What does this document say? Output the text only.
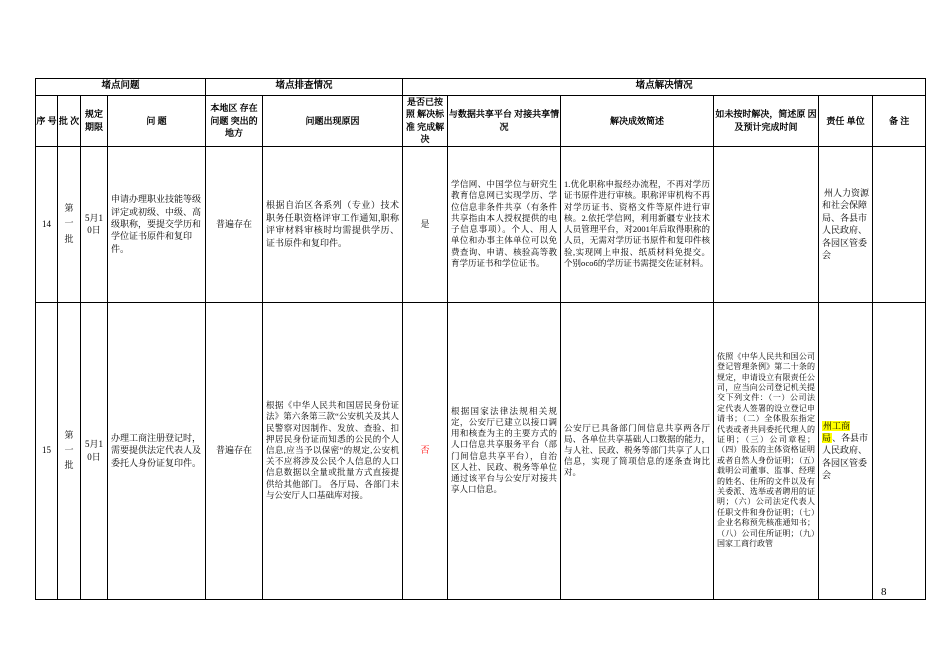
堵点问题				堵点排查情况		堵点解决情况					
序 号	批 次	规定 期限	问 题	本地区 存在问题 突出的地方	问题出现原因	是否已按照 解决标准 完成解决	与数据共享平台 对接共享情况	解决成效简述	如未按时解决，简述原 因及预计完成时间	责任 单位	备 注
14	第一批	5月10日	申请办理职业技能等级评定或初级、中级、高级职称，要提交学历和学位证书原件和复印件。	普遍存在	根据自治区各系列（专业）技术职务任职资格评审工作通知,职称评审材料审核时均需提供学历、证书原件和复印件。	是	学信网、中国学位与研究生教育信息网已实现学历、学位信息非条件共享（有条件共享指由本人授权提供的电子信息事项）。个人、用人单位和办事主体单位可以免费查询、申请、核验高等教育学历证书和学位证书。	1.优化职称申报经办流程，不再对学历证书原件进行审核。职称评审机构不再对学历证书、资格文件等原件进行审核。2.依托学信网，利用新疆专业技术人员管理平台，对2001年后取得职称的人员，无需对学历证书原件和复印件核验,实现网上申报、纸质材料免提交。个别особ的学历证书需提交佐证材料。		州人力资源和社会保障局、各县市人民政府、各园区管委会	

15	第一批	5月10日	办理工商注册登记时，需要提供法定代表人及委托人身份证复印件。	普遍存在	根据《中华人民共和国居民身份证法》第六条第三款“公安机关及其人民警察对因制作、发放、查验、扣押居民身份证而知悉的公民的个人信息,应当予以保密”的规定,公安机关不应将涉及公民个人信息的人口信息数据以全量或批量方式直接提供给其他部门。 各厅局、各部门未与公安厅人口基础库对接。	否	根据国家法律法规相关规定，公安厅已建立以接口调用和核查为主的主要方式的人口信息共享服务平台（部门间信息共享平台），自治区人社、民政、税务等单位通过该平台与公安厅对接共享人口信息。	公安厅已具备部门间信息共享两各厅局、各单位共享基础人口数据的能力，与人社、民政、税务等部门共享了人口信息，实现了简项信息的逐条查询比对。	依照《中华人民共和国公司登记管理条例》第二十条的规定，申请设立有限责任公司，应当向公司登记机关提交下列文件：（一）公司法定代表人签署的设立登记申请书；（二）全体股东指定代表或者共同委托代理人的证明；（三）公司章程；（四）股东的主体资格证明或者自然人身份证明；（五）载明公司董事、监事、经理的姓名、住所的文件以及有关委派、选举或者聘用的证明；（六）公司法定代表人任职文件和身份证明；（七）企业名称预先核准通知书；（八）公司住所证明；（九）国家工商行政管	州工商局、各县市人民政府、各园区管委会	

8
